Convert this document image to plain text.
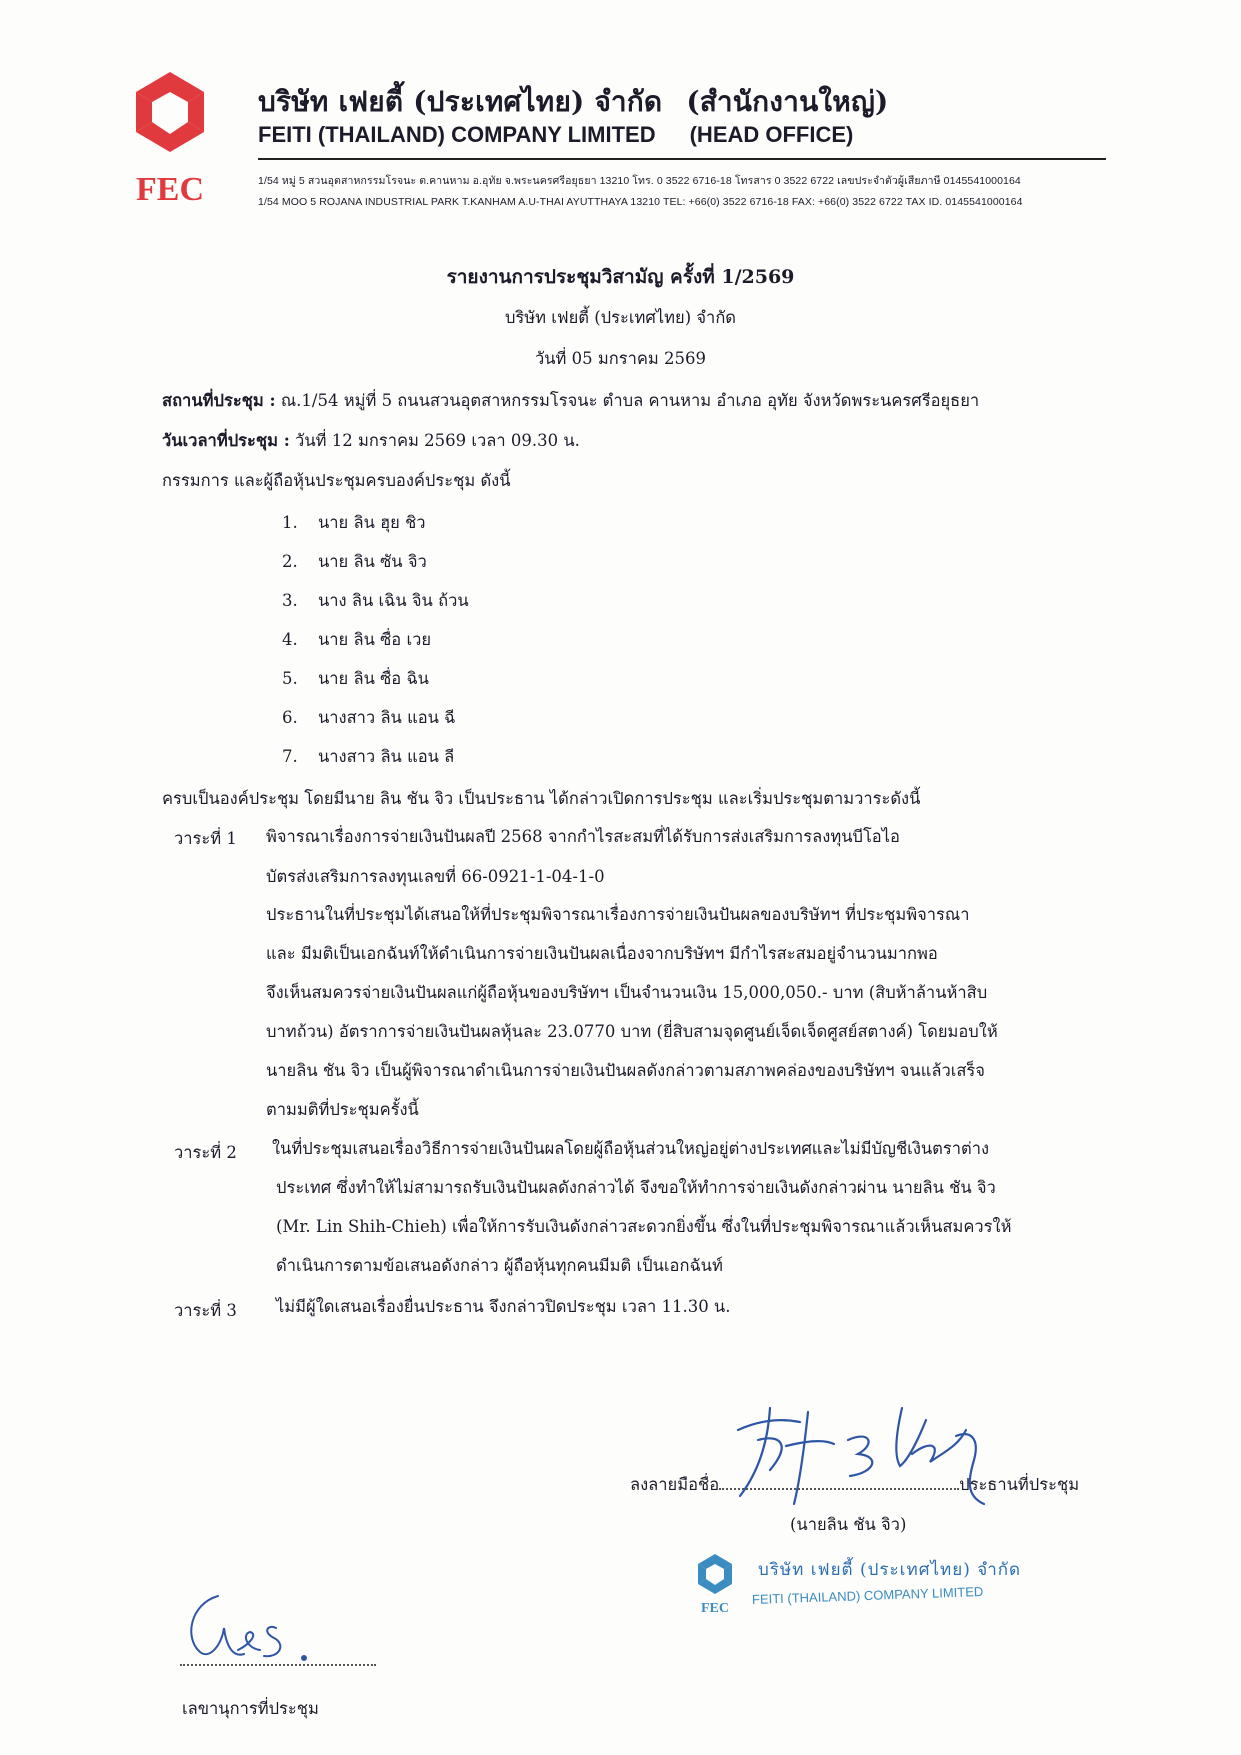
FEC
บริษัท เฟยตี้ (ประเทศไทย) จำกัด (สำนักงานใหญ่)
FEITI (THAILAND) COMPANY LIMITED (HEAD OFFICE)
1/54 หมู่ 5 สวนอุตสาหกรรมโรจนะ ต.คานหาม อ.อุทัย จ.พระนครศรีอยุธยา 13210 โทร. 0 3522 6716-18 โทรสาร 0 3522 6722 เลขประจำตัวผู้เสียภาษี 0145541000164
1/54 MOO 5 ROJANA INDUSTRIAL PARK T.KANHAM A.U-THAI AYUTTHAYA 13210 TEL: +66(0) 3522 6716-18 FAX: +66(0) 3522 6722 TAX ID. 0145541000164
รายงานการประชุมวิสามัญ ครั้งที่ 1/2569
บริษัท เฟยตี้ (ประเทศไทย) จำกัด
วันที่ 05 มกราคม 2569
สถานที่ประชุม : ณ.1/54 หมู่ที่ 5 ถนนสวนอุตสาหกรรมโรจนะ ตำบล คานหาม อำเภอ อุทัย จังหวัดพระนครศรีอยุธยา
วันเวลาที่ประชุม : วันที่ 12 มกราคม 2569 เวลา 09.30 น.
กรรมการ และผู้ถือหุ้นประชุมครบองค์ประชุม ดังนี้
1. นาย ลิน ฮุย ชิว
2. นาย ลิน ซัน จิว
3. นาง ลิน เฉิน จิน ถ้วน
4. นาย ลิน ซื่อ เวย
5. นาย ลิน ซื่อ ฉิน
6. นางสาว ลิน แอน ฉี
7. นางสาว ลิน แอน ลี
ครบเป็นองค์ประชุม โดยมีนาย ลิน ชัน จิว เป็นประธาน ได้กล่าวเปิดการประชุม และเริ่มประชุมตามวาระดังนี้
วาระที่ 1 พิจารณาเรื่องการจ่ายเงินปันผลปี 2568 จากกำไรสะสมที่ได้รับการส่งเสริมการลงทุนบีโอไอ
บัตรส่งเสริมการลงทุนเลขที่ 66-0921-1-04-1-0
ประธานในที่ประชุมได้เสนอให้ที่ประชุมพิจารณาเรื่องการจ่ายเงินปันผลของบริษัทฯ ที่ประชุมพิจารณา
และ มีมติเป็นเอกฉันท์ให้ดำเนินการจ่ายเงินปันผลเนื่องจากบริษัทฯ มีกำไรสะสมอยู่จำนวนมากพอ
จึงเห็นสมควรจ่ายเงินปันผลแก่ผู้ถือหุ้นของบริษัทฯ เป็นจำนวนเงิน 15,000,050.- บาท (สิบห้าล้านห้าสิบ
บาทถ้วน) อัตราการจ่ายเงินปันผลหุ้นละ 23.0770 บาท (ยี่สิบสามจุดศูนย์เจ็ดเจ็ดศูสย์สตางค์) โดยมอบให้
นายลิน ชัน จิว เป็นผู้พิจารณาดำเนินการจ่ายเงินปันผลดังกล่าวตามสภาพคล่องของบริษัทฯ จนแล้วเสร็จ
ตามมติที่ประชุมครั้งนี้
วาระที่ 2 ในที่ประชุมเสนอเรื่องวิธีการจ่ายเงินปันผลโดยผู้ถือหุ้นส่วนใหญ่อยู่ต่างประเทศและไม่มีบัญชีเงินตราต่าง
ประเทศ ซึ่งทำให้ไม่สามารถรับเงินปันผลดังกล่าวได้ จึงขอให้ทำการจ่ายเงินดังกล่าวผ่าน นายลิน ชัน จิว
(Mr. Lin Shih-Chieh) เพื่อให้การรับเงินดังกล่าวสะดวกยิ่งขึ้น ซึ่งในที่ประชุมพิจารณาแล้วเห็นสมควรให้
ดำเนินการตามข้อเสนอดังกล่าว ผู้ถือหุ้นทุกคนมีมติ เป็นเอกฉันท์
วาระที่ 3 ไม่มีผู้ใดเสนอเรื่องยื่นประธาน จึงกล่าวปิดประชุม เวลา 11.30 น.
ลงลายมือชื่อ	ประธานที่ประชุม
(นายลิน ชัน จิว)
FEC
บริษัท เฟยตี้ (ประเทศไทย) จำกัด
FEITI (THAILAND) COMPANY LIMITED
เลขานุการที่ประชุม
